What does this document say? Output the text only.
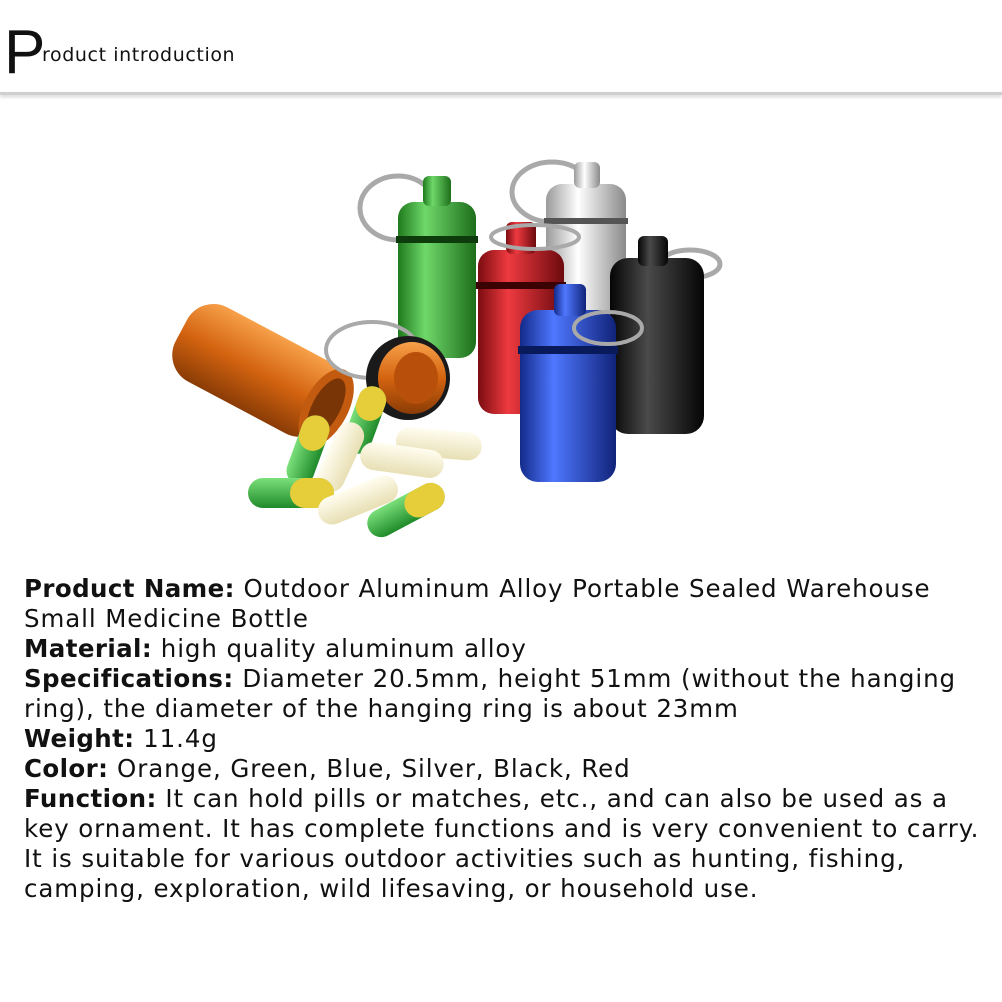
P
roduct introduction

Product Name: Outdoor Aluminum Alloy Portable Sealed Warehouse Small Medicine Bottle

Material: high quality aluminum alloy

Specifications: Diameter 20.5mm, height 51mm (without the hanging ring), the diameter of the hanging ring is about 23mm

Weight: 11.4g

Color: Orange, Green, Blue, Silver, Black, Red

Function: It can hold pills or matches, etc., and can also be used as a key ornament. It has complete functions and is very convenient to carry. It is suitable for various outdoor activities such as hunting, fishing, camping, exploration, wild lifesaving, or household use.
